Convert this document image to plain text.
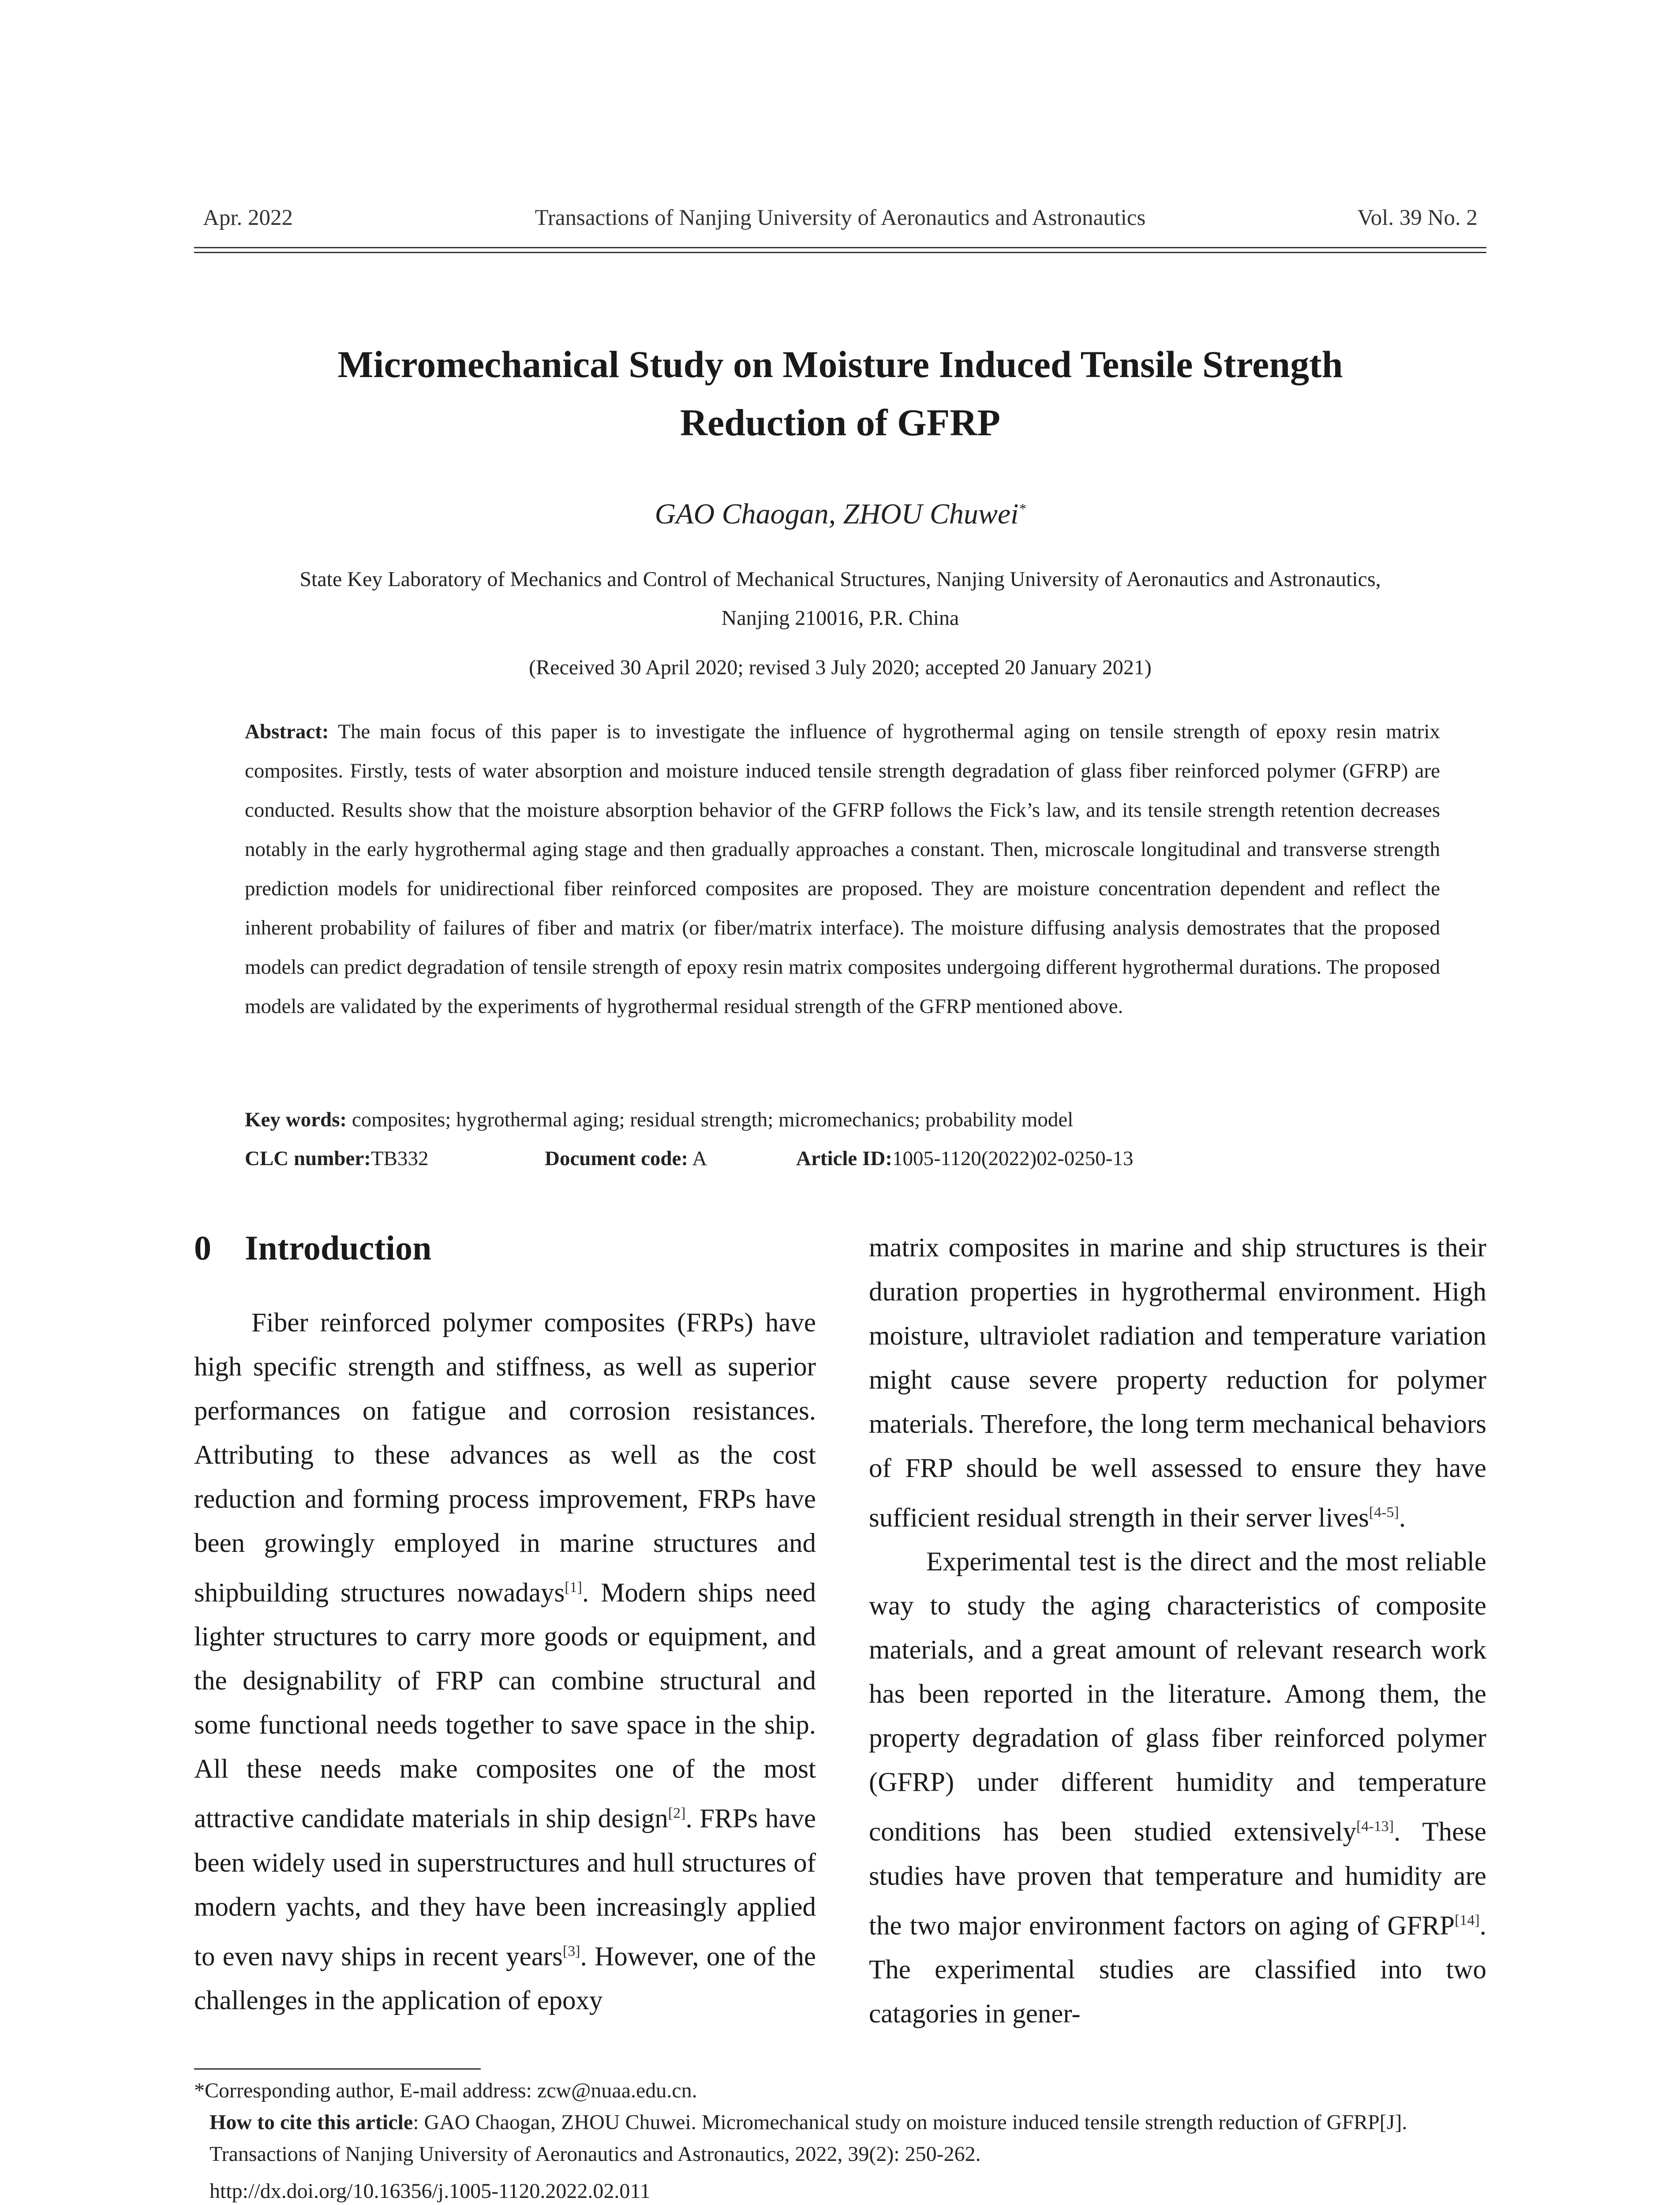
Apr. 2022	Transactions of Nanjing University of Aeronautics and Astronautics	Vol. 39 No. 2
Micromechanical Study on Moisture Induced Tensile Strength
Reduction of GFRP
GAO Chaogan, ZHOU Chuwei*
State Key Laboratory of Mechanics and Control of Mechanical Structures, Nanjing University of Aeronautics and Astronautics,
Nanjing 210016, P.R. China
(Received 30 April 2020; revised 3 July 2020; accepted 20 January 2021)
Abstract: The main focus of this paper is to investigate the influence of hygrothermal aging on tensile strength of epoxy resin matrix composites. Firstly, tests of water absorption and moisture induced tensile strength degradation of glass fiber reinforced polymer (GFRP) are conducted. Results show that the moisture absorption behavior of the GFRP follows the Fick’s law, and its tensile strength retention decreases notably in the early hygrothermal aging stage and then gradually approaches a constant. Then, microscale longitudinal and transverse strength prediction models for unidirectional fiber reinforced composites are proposed. They are moisture concentration dependent and reflect the inherent probability of failures of fiber and matrix (or fiber/matrix interface). The moisture diffusing analysis demostrates that the proposed models can predict degradation of tensile strength of epoxy resin matrix composites undergoing different hygrothermal durations. The proposed models are validated by the experiments of hygrothermal residual strength of the GFRP mentioned above.
Key words: composites; hygrothermal aging; residual strength; micromechanics; probability model
CLC number:TB332	Document code: A	Article ID:1005-1120(2022)02-0250-13
0 Introduction

Fiber reinforced polymer composites (FRPs) have high specific strength and stiffness, as well as superior performances on fatigue and corrosion resistances. Attributing to these advances as well as the cost reduction and forming process improvement, FRPs have been growingly employed in marine structures and shipbuilding structures nowadays[1]. Modern ships need lighter structures to carry more goods or equipment, and the designability of FRP can combine structural and some functional needs together to save space in the ship. All these needs make composites one of the most attractive candidate materials in ship design[2]. FRPs have been widely used in superstructures and hull structures of modern yachts, and they have been increasingly applied to even navy ships in recent years[3]. However, one of the challenges in the application of epoxy

matrix composites in marine and ship structures is their duration properties in hygrothermal environment. High moisture, ultraviolet radiation and temperature variation might cause severe property reduction for polymer materials. Therefore, the long term mechanical behaviors of FRP should be well assessed to ensure they have sufficient residual strength in their server lives[4-5].

Experimental test is the direct and the most reliable way to study the aging characteristics of composite materials, and a great amount of relevant research work has been reported in the literature. Among them, the property degradation of glass fiber reinforced polymer (GFRP) under different humidity and temperature conditions has been studied extensively[4-13]. These studies have proven that temperature and humidity are the two major environment factors on aging of GFRP[14]. The experimental studies are classified into two catagories in gener-

*Corresponding author, E-mail address: zcw@nuaa.edu.cn.
How to cite this article: GAO Chaogan, ZHOU Chuwei. Micromechanical study on moisture induced tensile strength reduction of GFRP[J]. Transactions of Nanjing University of Aeronautics and Astronautics, 2022, 39(2): 250-262.
http://dx.doi.org/10.16356/j.1005-1120.2022.02.011
